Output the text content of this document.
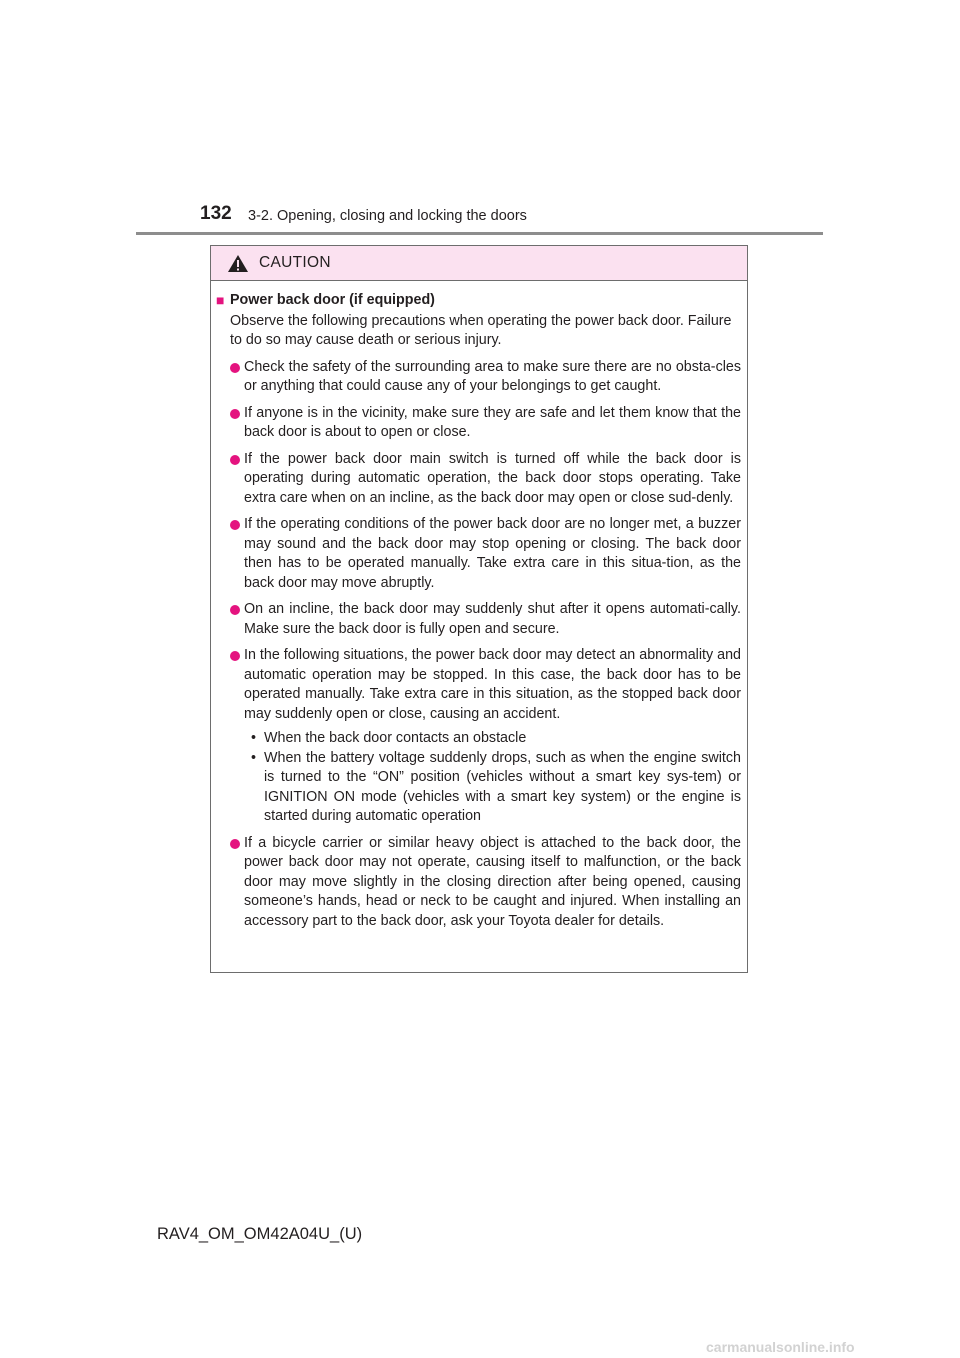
132 3-2. Opening, closing and locking the doors
CAUTION
■ Power back door (if equipped)
Observe the following precautions when operating the power back door. Failure to do so may cause death or serious injury.
Check the safety of the surrounding area to make sure there are no obsta-cles or anything that could cause any of your belongings to get caught.
If anyone is in the vicinity, make sure they are safe and let them know that the back door is about to open or close.
If the power back door main switch is turned off while the back door is operating during automatic operation, the back door stops operating. Take extra care when on an incline, as the back door may open or close sud-denly.
If the operating conditions of the power back door are no longer met, a buzzer may sound and the back door may stop opening or closing. The back door then has to be operated manually. Take extra care in this situa-tion, as the back door may move abruptly.
On an incline, the back door may suddenly shut after it opens automati-cally. Make sure the back door is fully open and secure.
In the following situations, the power back door may detect an abnormality and automatic operation may be stopped. In this case, the back door has to be operated manually. Take extra care in this situation, as the stopped back door may suddenly open or close, causing an accident.
• When the back door contacts an obstacle
• When the battery voltage suddenly drops, such as when the engine switch is turned to the “ON” position (vehicles without a smart key sys-tem) or IGNITION ON mode (vehicles with a smart key system) or the engine is started during automatic operation
If a bicycle carrier or similar heavy object is attached to the back door, the power back door may not operate, causing itself to malfunction, or the back door may move slightly in the closing direction after being opened, causing someone’s hands, head or neck to be caught and injured. When installing an accessory part to the back door, ask your Toyota dealer for details.
RAV4_OM_OM42A04U_(U)
carmanualsonline.info
